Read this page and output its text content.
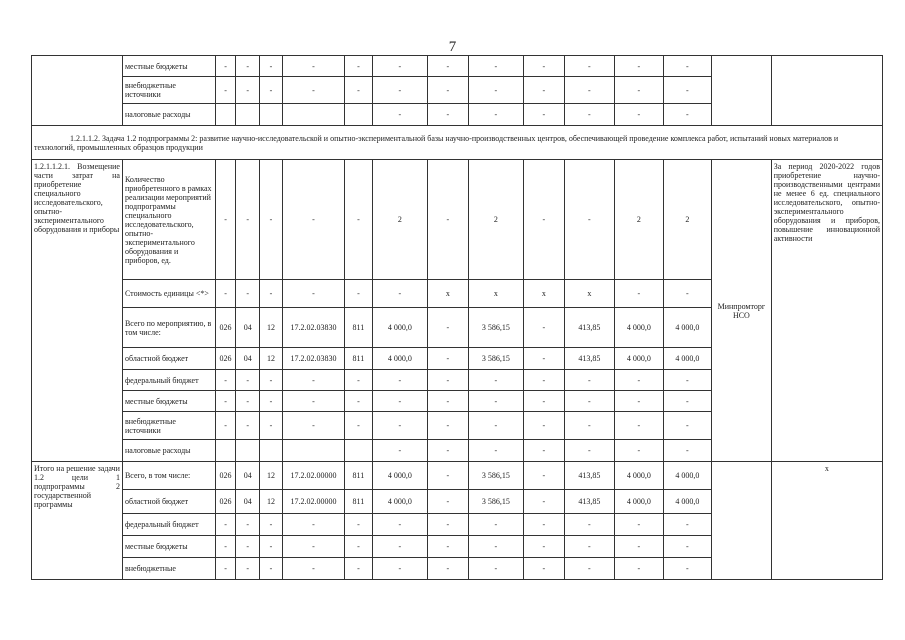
7
	местные бюджеты	-	-	-	-	-	-	-	-	-	-	-	-		
	внебюджетные источники	-	-	-	-	-	-	-	-	-	-	-	-		
	налоговые расходы						-	-	-	-	-	-	-		
1.2.1.1.2. Задача 1.2 подпрограммы 2: развитие научно-исследовательской и опытно-экспериментальной базы научно-производственных центров, обеспечивающей проведение комплекса работ, испытаний новых материалов и технологий, промышленных образцов продукции															
1.2.1.1.2.1. Возмещение части затрат на приобретение специального исследовательского, опытно-экспериментального оборудования и приборы	Количество приобретенного в рамках реализации мероприятий подпрограммы специального исследовательского, опытно-экспериментального оборудования и приборов, ед.	-	-	-	-	-	2	-	2	-	-	2	2	Минпромторг НСО	За период 2020-2022 годов приобретение научно-производственными центрами не менее 6 ед. специального исследовательского, опытно-экспериментального оборудования и приборов, повышение инновационной активности
	Стоимость единицы <*>	-	-	-	-	-	-	х	х	х	х	-	-		
	Всего по мероприятию, в том числе:	026	04	12	17.2.02.03830	811	4 000,0	-	3 586,15	-	413,85	4 000,0	4 000,0		
	областной бюджет	026	04	12	17.2.02.03830	811	4 000,0	-	3 586,15	-	413,85	4 000,0	4 000,0		
	федеральный бюджет	-	-	-	-	-	-	-	-	-	-	-	-		
	местные бюджеты	-	-	-	-	-	-	-	-	-	-	-	-		
	внебюджетные источники	-	-	-	-	-	-	-	-	-	-	-	-		
	налоговые расходы						-	-	-	-	-	-	-		
Итого на решение задачи 1.2 цели 1 подпрограммы 2 государственной программы	Всего, в том числе:	026	04	12	17.2.02.00000	811	4 000,0	-	3 586,15	-	413,85	4 000,0	4 000,0		х
	областной бюджет	026	04	12	17.2.02.00000	811	4 000,0	-	3 586,15	-	413,85	4 000,0	4 000,0		
	федеральный бюджет	-	-	-	-	-	-	-	-	-	-	-	-		
	местные бюджеты	-	-	-	-	-	-	-	-	-	-	-	-		
	внебюджетные	-	-	-	-	-	-	-	-	-	-	-	-		
